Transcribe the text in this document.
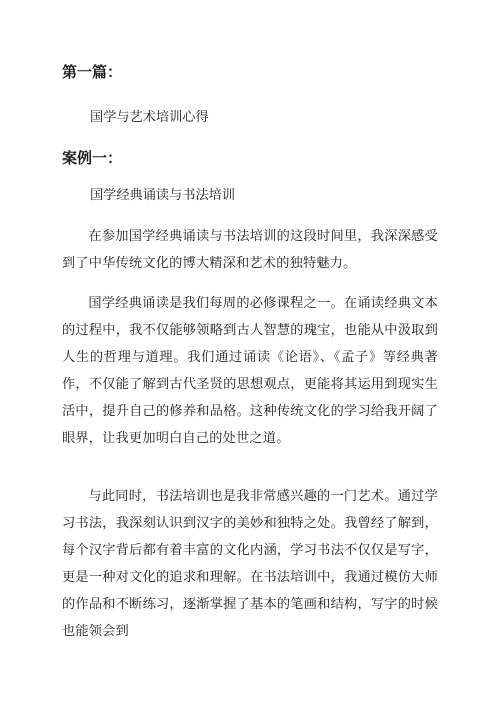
第一篇：
国学与艺术培训心得
案例一：
国学经典诵读与书法培训
在参加国学经典诵读与书法培训的这段时间里，我深深感受到了中华传统文化的博大精深和艺术的独特魅力。
国学经典诵读是我们每周的必修课程之一。在诵读经典文本的过程中，我不仅能够领略到古人智慧的瑰宝，也能从中汲取到人生的哲理与道理。我们通过诵读《论语》、《孟子》等经典著作，不仅能了解到古代圣贤的思想观点，更能将其运用到现实生活中，提升自己的修养和品格。这种传统文化的学习给我开阔了眼界，让我更加明白自己的处世之道。
与此同时，书法培训也是我非常感兴趣的一门艺术。通过学习书法，我深刻认识到汉字的美妙和独特之处。我曾经了解到，每个汉字背后都有着丰富的文化内涵，学习书法不仅仅是写字，更是一种对文化的追求和理解。在书法培训中，我通过模仿大师的作品和不断练习，逐渐掌握了基本的笔画和结构，写字的时候也能领会到
